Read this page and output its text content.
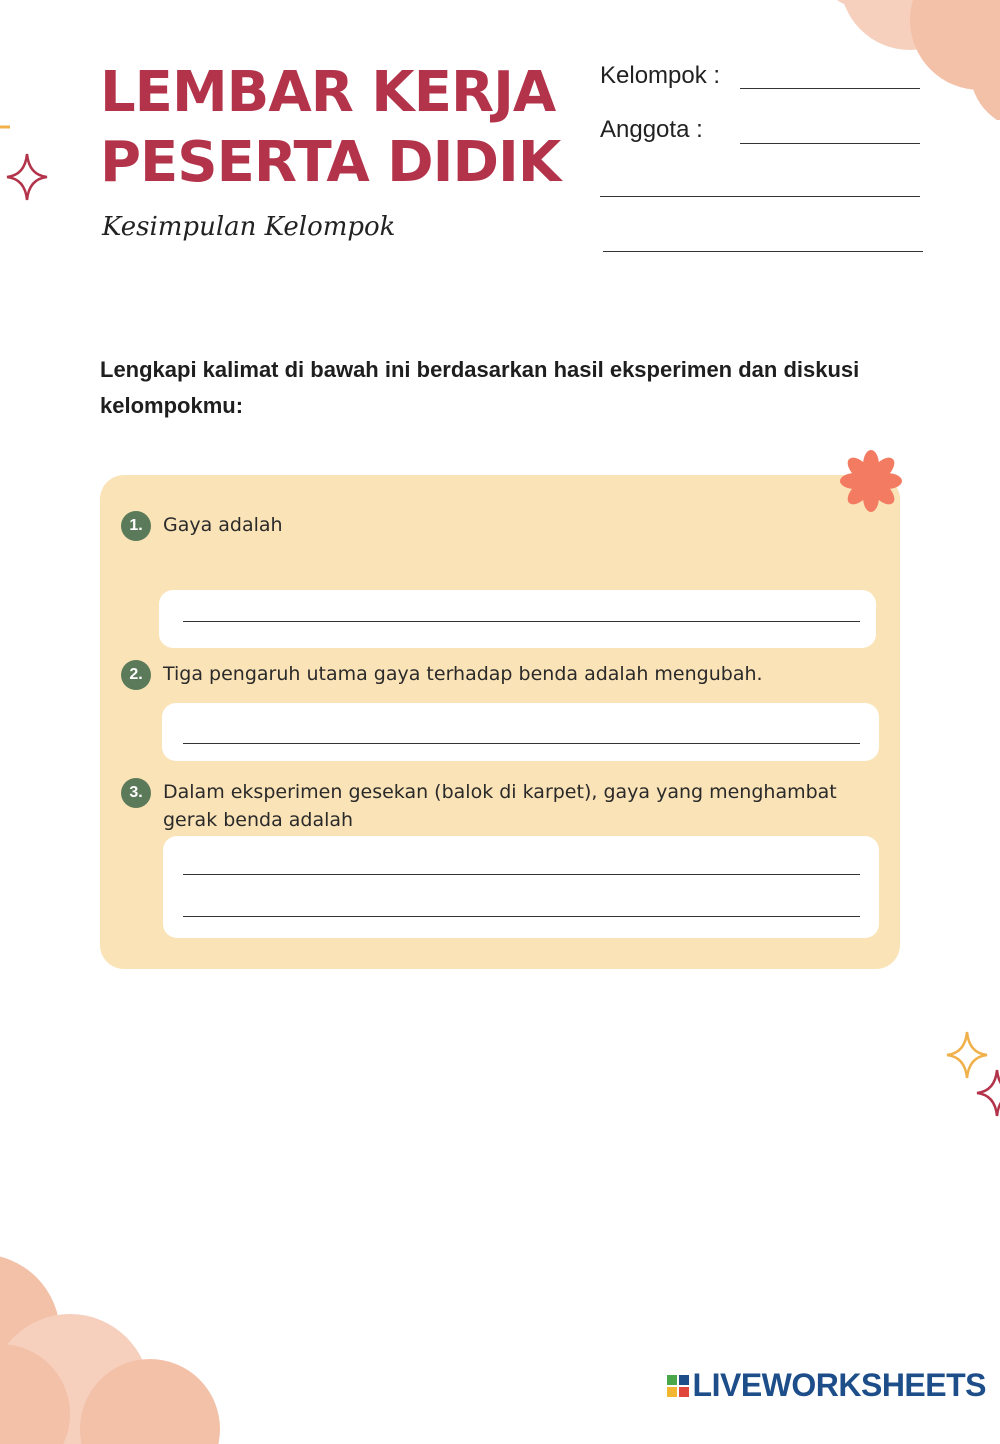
LEMBAR KERJA
PESERTA DIDIK
Kesimpulan Kelompok
Kelompok :
Anggota :
Lengkapi kalimat di bawah ini berdasarkan hasil eksperimen dan diskusi kelompokmu:
1.	Gaya adalah
2.	Tiga pengaruh utama gaya terhadap benda adalah mengubah.
3.	Dalam eksperimen gesekan (balok di karpet), gaya yang menghambat gerak benda adalah
LIVEWORKSHEETS
